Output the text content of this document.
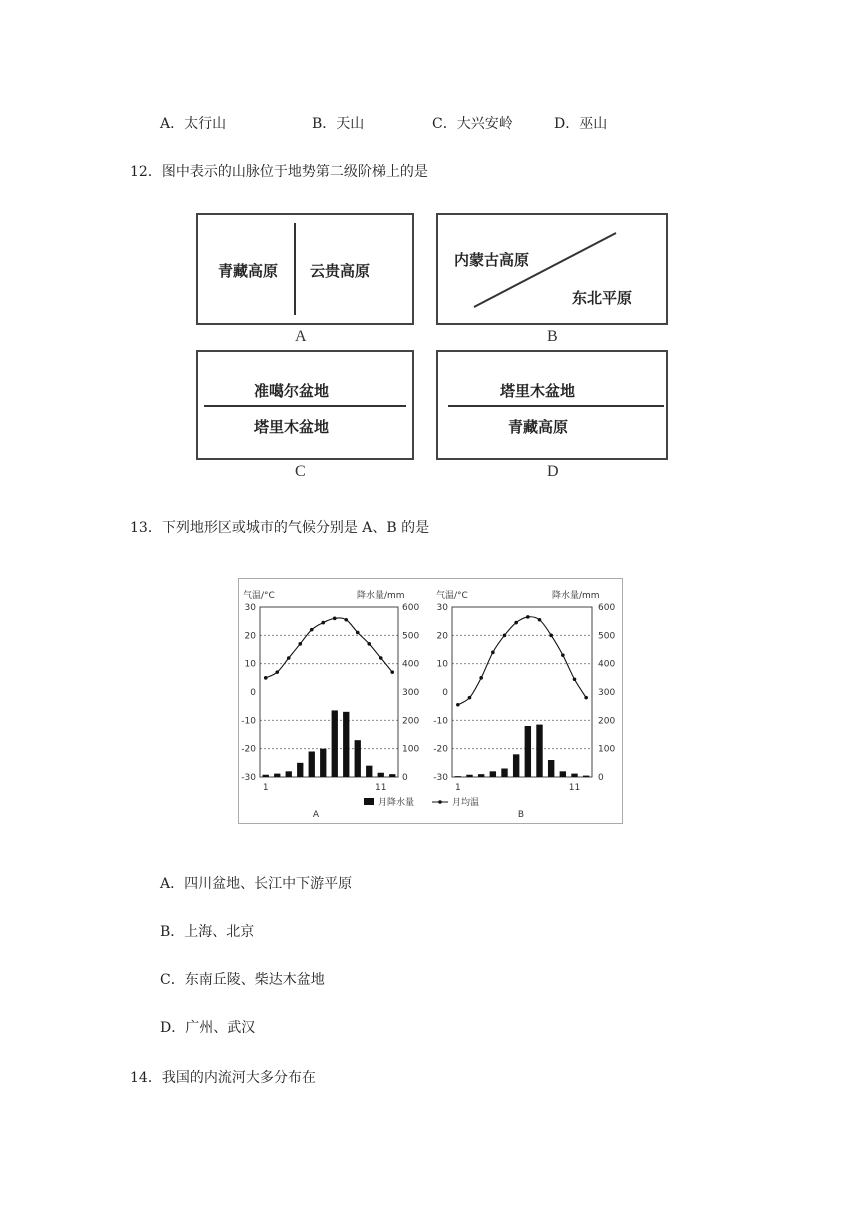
A．太行山	B．天山	C．大兴安岭	D．巫山
12．图中表示的山脉位于地势第二级阶梯上的是
青藏高原 云贵高原
A
内蒙古高原
东北平原
B
准噶尔盆地
塔里木盆地
C
塔里木盆地
青藏高原
D
13．下列地形区或城市的气候分别是 A、B 的是
气温/°C	降水量/mm
30
20
10
0
-10
-20
-30
600
500
400
300
200
100
0
1	11
A
气温/°C	降水量/mm
30
20
10
0
-10
-20
-30
600
500
400
300
200
100
0
1	11
B
月降水量	月均温
A．四川盆地、长江中下游平原
B．上海、北京
C．东南丘陵、柴达木盆地
D．广州、武汉
14．我国的内流河大多分布在
